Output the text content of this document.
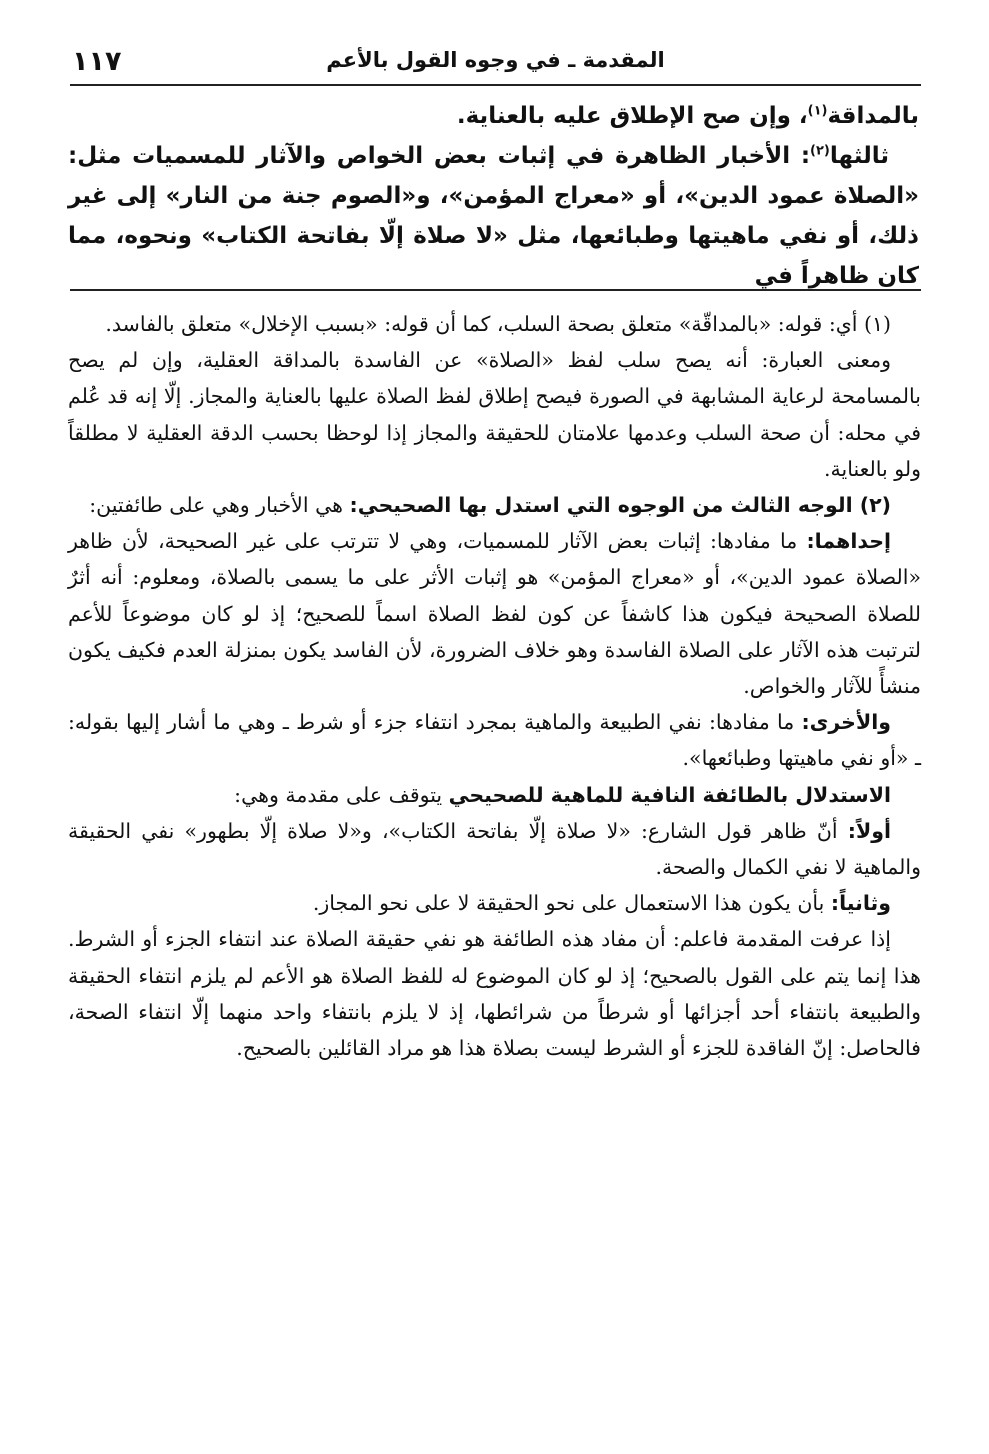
المقدمة ـ في وجوه القول بالأعم
١١٧

بالمداقة$^{(١)}$، وإن صح الإطلاق عليه بالعناية.

ثالثها$^{(٢)}$: الأخبار الظاهرة في إثبات بعض الخواص والآثار للمسميات مثل: «الصلاة عمود الدين»، أو «معراج المؤمن»، و«الصوم جنة من النار» إلى غير ذلك، أو نفي ماهيتها وطبائعها، مثل «لا صلاة إلّا بفاتحة الكتاب» ونحوه، مما كان ظاهراً في

(١) أي: قوله: «بالمداقّة» متعلق بصحة السلب، كما أن قوله: «بسبب الإخلال» متعلق بالفاسد.

ومعنى العبارة: أنه يصح سلب لفظ «الصلاة» عن الفاسدة بالمداقة العقلية، وإن لم يصح بالمسامحة لرعاية المشابهة في الصورة فيصح إطلاق لفظ الصلاة عليها بالعناية والمجاز. إلّا إنه قد عُلم في محله: أن صحة السلب وعدمها علامتان للحقيقة والمجاز إذا لوحظا بحسب الدقة العقلية لا مطلقاً ولو بالعناية.

(٢) الوجه الثالث من الوجوه التي استدل بها الصحيحي: هي الأخبار وهي على طائفتين:

إحداهما: ما مفادها: إثبات بعض الآثار للمسميات، وهي لا تترتب على غير الصحيحة، لأن ظاهر «الصلاة عمود الدين»، أو «معراج المؤمن» هو إثبات الأثر على ما يسمى بالصلاة، ومعلوم: أنه أثرٌ للصلاة الصحيحة فيكون هذا كاشفاً عن كون لفظ الصلاة اسماً للصحيح؛ إذ لو كان موضوعاً للأعم لترتبت هذه الآثار على الصلاة الفاسدة وهو خلاف الضرورة، لأن الفاسد يكون بمنزلة العدم فكيف يكون منشأً للآثار والخواص.

والأخرى: ما مفادها: نفي الطبيعة والماهية بمجرد انتفاء جزء أو شرط ـ وهي ما أشار إليها بقوله: ـ «أو نفي ماهيتها وطبائعها».

الاستدلال بالطائفة النافية للماهية للصحيحي يتوقف على مقدمة وهي:

أولاً: أنّ ظاهر قول الشارع: «لا صلاة إلّا بفاتحة الكتاب»، و«لا صلاة إلّا بطهور» نفي الحقيقة والماهية لا نفي الكمال والصحة.

وثانياً: بأن يكون هذا الاستعمال على نحو الحقيقة لا على نحو المجاز.

إذا عرفت المقدمة فاعلم: أن مفاد هذه الطائفة هو نفي حقيقة الصلاة عند انتفاء الجزء أو الشرط. هذا إنما يتم على القول بالصحيح؛ إذ لو كان الموضوع له للفظ الصلاة هو الأعم لم يلزم انتفاء الحقيقة والطبيعة بانتفاء أحد أجزائها أو شرطاً من شرائطها، إذ لا يلزم بانتفاء واحد منهما إلّا انتفاء الصحة، فالحاصل: إنّ الفاقدة للجزء أو الشرط ليست بصلاة هذا هو مراد القائلين بالصحيح.
